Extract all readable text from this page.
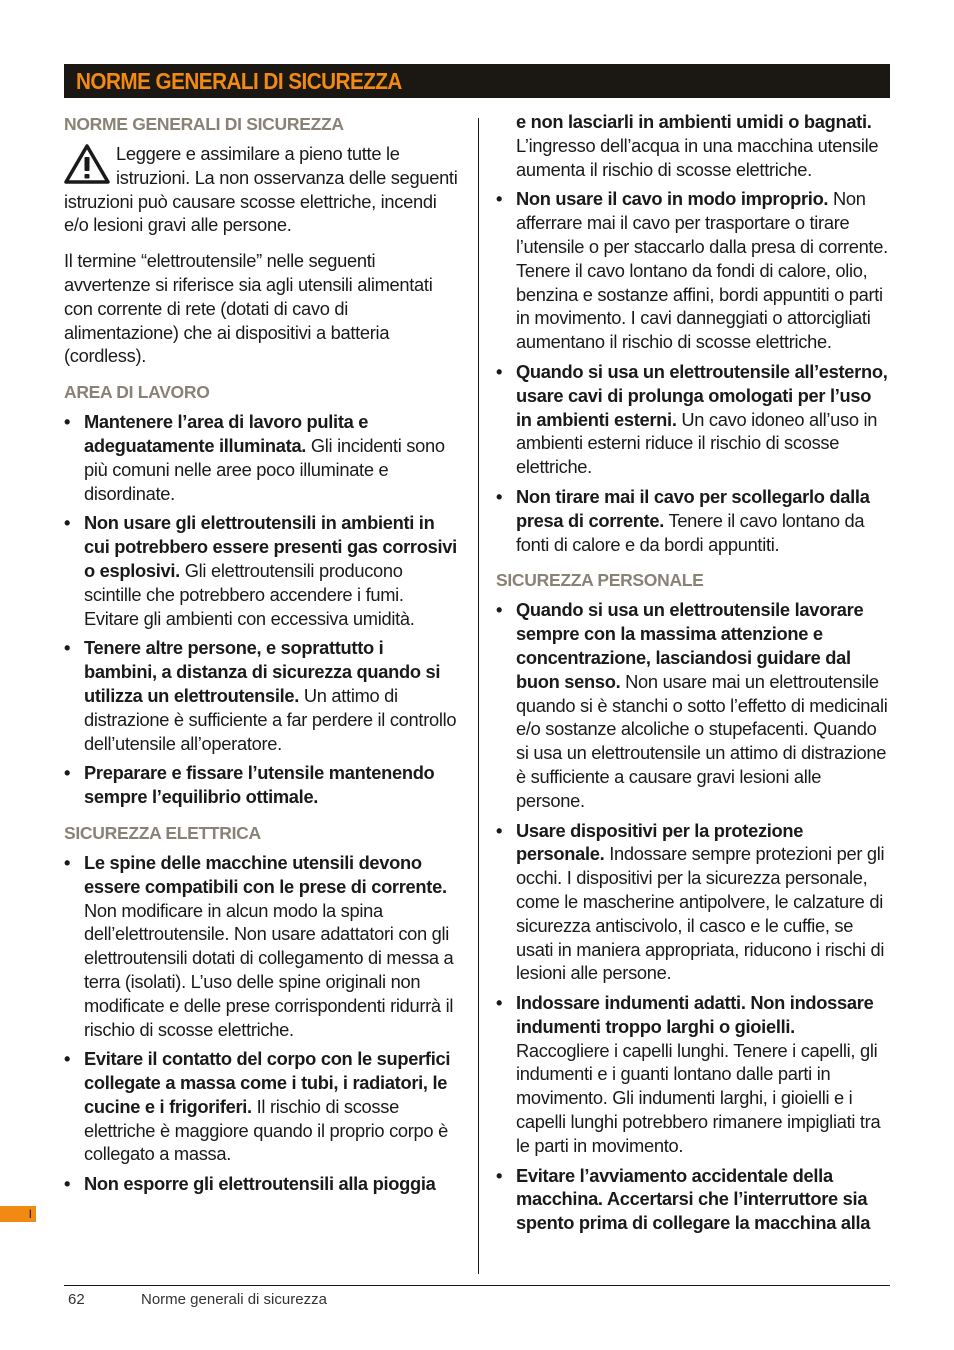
NORME GENERALI DI SICUREZZA
NORME GENERALI DI SICUREZZA

Leggere e assimilare a pieno tutte le istruzioni. La non osservanza delle seguenti istruzioni può causare scosse elettriche, incendi e/o lesioni gravi alle persone.

Il termine “elettroutensile” nelle seguenti avvertenze si riferisce sia agli utensili alimentati con corrente di rete (dotati di cavo di alimentazione) che ai dispositivi a batteria (cordless).

AREA DI LAVORO
• Mantenere l’area di lavoro pulita e adeguatamente illuminata. Gli incidenti sono più comuni nelle aree poco illuminate e disordinate.
• Non usare gli elettroutensili in ambienti in cui potrebbero essere presenti gas corrosivi o esplosivi. Gli elettroutensili producono scintille che potrebbero accendere i fumi. Evitare gli ambienti con eccessiva umidità.
• Tenere altre persone, e soprattutto i bambini, a distanza di sicurezza quando si utilizza un elettroutensile. Un attimo di distrazione è sufficiente a far perdere il controllo dell’utensile all’operatore.
• Preparare e fissare l’utensile mantenendo sempre l’equilibrio ottimale.
SICUREZZA ELETTRICA
• Le spine delle macchine utensili devono essere compatibili con le prese di corrente. Non modificare in alcun modo la spina dell’elettroutensile. Non usare adattatori con gli elettroutensili dotati di collegamento di messa a terra (isolati). L’uso delle spine originali non modificate e delle prese corrispondenti ridurrà il rischio di scosse elettriche.
• Evitare il contatto del corpo con le superfici collegate a massa come i tubi, i radiatori, le cucine e i frigoriferi. Il rischio di scosse elettriche è maggiore quando il proprio corpo è collegato a massa.
• Non esporre gli elettroutensili alla pioggia
e non lasciarli in ambienti umidi o bagnati. L’ingresso dell’acqua in una macchina utensile aumenta il rischio di scosse elettriche.
• Non usare il cavo in modo improprio. Non afferrare mai il cavo per trasportare o tirare l’utensile o per staccarlo dalla presa di corrente. Tenere il cavo lontano da fondi di calore, olio, benzina e sostanze affini, bordi appuntiti o parti in movimento. I cavi danneggiati o attorcigliati aumentano il rischio di scosse elettriche.
• Quando si usa un elettroutensile all’esterno, usare cavi di prolunga omologati per l’uso in ambienti esterni. Un cavo idoneo all’uso in ambienti esterni riduce il rischio di scosse elettriche.
• Non tirare mai il cavo per scollegarlo dalla presa di corrente. Tenere il cavo lontano da fonti di calore e da bordi appuntiti.
SICUREZZA PERSONALE
• Quando si usa un elettroutensile lavorare sempre con la massima attenzione e concentrazione, lasciandosi guidare dal buon senso. Non usare mai un elettroutensile quando si è stanchi o sotto l’effetto di medicinali e/o sostanze alcoliche o stupefacenti. Quando si usa un elettroutensile un attimo di distrazione è sufficiente a causare gravi lesioni alle persone.
• Usare dispositivi per la protezione personale. Indossare sempre protezioni per gli occhi. I dispositivi per la sicurezza personale, come le mascherine antipolvere, le calzature di sicurezza antiscivolo, il casco e le cuffie, se usati in maniera appropriata, riducono i rischi di lesioni alle persone.
• Indossare indumenti adatti. Non indossare indumenti troppo larghi o gioielli. Raccogliere i capelli lunghi. Tenere i capelli, gli indumenti e i guanti lontano dalle parti in movimento. Gli indumenti larghi, i gioielli e i capelli lunghi potrebbero rimanere impigliati tra le parti in movimento.
• Evitare l’avviamento accidentale della macchina. Accertarsi che l’interruttore sia spento prima di collegare la macchina alla
I
62	Norme generali di sicurezza
